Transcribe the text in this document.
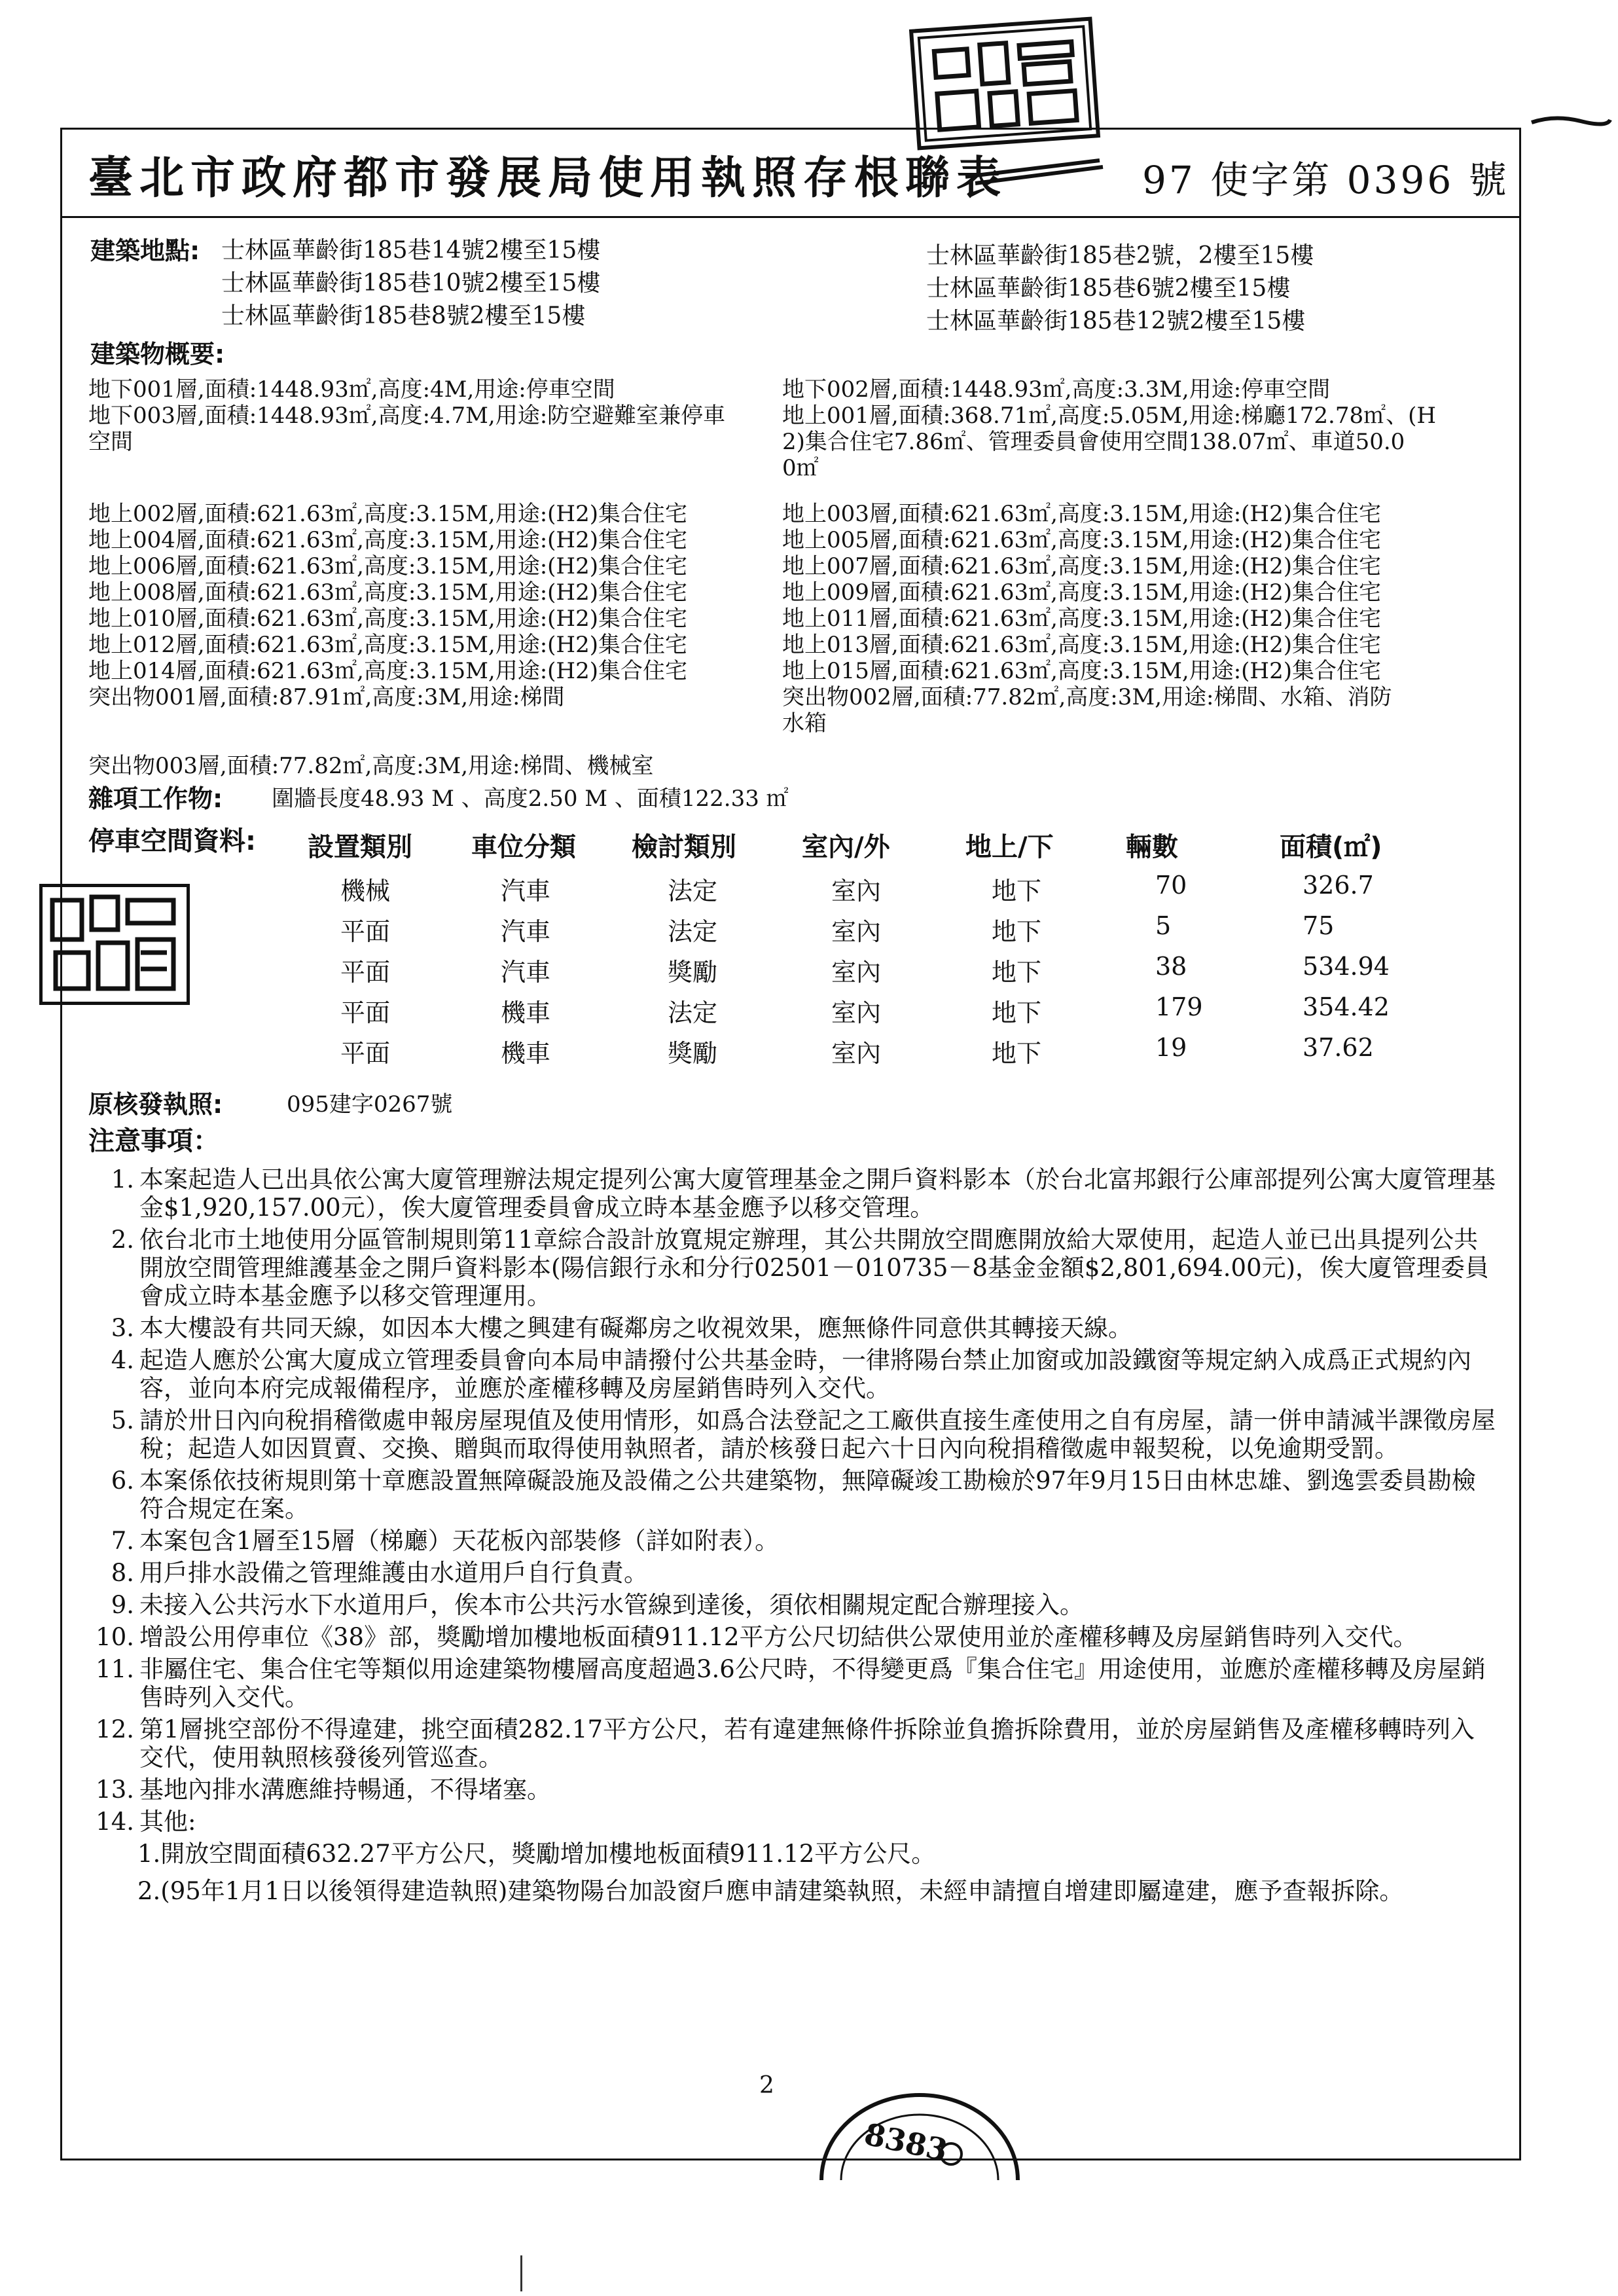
臺北市政府都市發展局使用執照存根聯表	97 使字第 0396 號
建築地點: 士林區華齡街185巷14號2樓至15樓
士林區華齡街185巷10號2樓至15樓
士林區華齡街185巷8號2樓至15樓
士林區華齡街185巷2號，2樓至15樓
士林區華齡街185巷6號2樓至15樓
士林區華齡街185巷12號2樓至15樓
建築物概要:
地下001層,面積:1448.93㎡,高度:4M,用途:停車空間
地下003層,面積:1448.93㎡,高度:4.7M,用途:防空避難室兼停車
空間
地上002層,面積:621.63㎡,高度:3.15M,用途:(H2)集合住宅
地上004層,面積:621.63㎡,高度:3.15M,用途:(H2)集合住宅
地上006層,面積:621.63㎡,高度:3.15M,用途:(H2)集合住宅
地上008層,面積:621.63㎡,高度:3.15M,用途:(H2)集合住宅
地上010層,面積:621.63㎡,高度:3.15M,用途:(H2)集合住宅
地上012層,面積:621.63㎡,高度:3.15M,用途:(H2)集合住宅
地上014層,面積:621.63㎡,高度:3.15M,用途:(H2)集合住宅
突出物001層,面積:87.91㎡,高度:3M,用途:梯間
地下002層,面積:1448.93㎡,高度:3.3M,用途:停車空間
地上001層,面積:368.71㎡,高度:5.05M,用途:梯廳172.78㎡、(H
2)集合住宅7.86㎡、管理委員會使用空間138.07㎡、車道50.0
0㎡
地上003層,面積:621.63㎡,高度:3.15M,用途:(H2)集合住宅
地上005層,面積:621.63㎡,高度:3.15M,用途:(H2)集合住宅
地上007層,面積:621.63㎡,高度:3.15M,用途:(H2)集合住宅
地上009層,面積:621.63㎡,高度:3.15M,用途:(H2)集合住宅
地上011層,面積:621.63㎡,高度:3.15M,用途:(H2)集合住宅
地上013層,面積:621.63㎡,高度:3.15M,用途:(H2)集合住宅
地上015層,面積:621.63㎡,高度:3.15M,用途:(H2)集合住宅
突出物002層,面積:77.82㎡,高度:3M,用途:梯間、水箱、消防
水箱
突出物003層,面積:77.82㎡,高度:3M,用途:梯間、機械室
雜項工作物: 圍牆長度48.93 M 、高度2.50 M 、面積122.33 ㎡
停車空間資料: 設置類別 車位分類 檢討類別	室內/外	地上/下	輛數	面積(㎡)
機械	汽車	法定	室內	地下	70	326.7
平面	汽車	法定	室內	地下	5	75
平面	汽車	獎勵	室內	地下	38	534.94
平面	機車	法定	室內	地下	179	354.42
平面	機車	獎勵	室內	地下	19	37.62
原核發執照:	095建字0267號
注意事項：
1. 本案起造人已出具依公寓大廈管理辦法規定提列公寓大廈管理基金之開戶資料影本（於台北富邦銀行公庫部提列公寓大廈管理基金$1,920,157.00元），俟大廈管理委員會成立時本基金應予以移交管理。
2. 依台北市土地使用分區管制規則第11章綜合設計放寬規定辦理，其公共開放空間應開放給大眾使用，起造人並已出具提列公共開放空間管理維護基金之開戶資料影本(陽信銀行永和分行02501－010735－8基金金額$2,801,694.00元)，俟大廈管理委員會成立時本基金應予以移交管理運用。
3. 本大樓設有共同天線，如因本大樓之興建有礙鄰房之收視效果，應無條件同意供其轉接天線。
4. 起造人應於公寓大廈成立管理委員會向本局申請撥付公共基金時，一律將陽台禁止加窗或加設鐵窗等規定納入成爲正式規約內容，並向本府完成報備程序，並應於產權移轉及房屋銷售時列入交代。
5. 請於卅日內向稅捐稽徵處申報房屋現值及使用情形，如爲合法登記之工廠供直接生產使用之自有房屋，請一併申請減半課徵房屋稅；起造人如因買賣、交換、贈與而取得使用執照者，請於核發日起六十日內向稅捐稽徵處申報契稅，以免逾期受罰。
6. 本案係依技術規則第十章應設置無障礙設施及設備之公共建築物，無障礙竣工勘檢於97年9月15日由林忠雄、劉逸雲委員勘檢符合規定在案。
7. 本案包含1層至15層（梯廳）天花板內部裝修（詳如附表）。
8. 用戶排水設備之管理維護由水道用戶自行負責。
9. 未接入公共污水下水道用戶，俟本市公共污水管線到達後，須依相關規定配合辦理接入。
10. 增設公用停車位《38》部，獎勵增加樓地板面積911.12平方公尺切結供公眾使用並於產權移轉及房屋銷售時列入交代。
11. 非屬住宅、集合住宅等類似用途建築物樓層高度超過3.6公尺時，不得變更爲『集合住宅』用途使用，並應於產權移轉及房屋銷售時列入交代。
12. 第1層挑空部份不得違建，挑空面積282.17平方公尺，若有違建無條件拆除並負擔拆除費用，並於房屋銷售及產權移轉時列入交代，使用執照核發後列管巡查。
13. 基地內排水溝應維持暢通，不得堵塞。
14. 其他:
1.開放空間面積632.27平方公尺，獎勵增加樓地板面積911.12平方公尺。
2.(95年1月1日以後領得建造執照)建築物陽台加設窗戶應申請建築執照，未經申請擅自增建即屬違建，應予查報拆除。
8383
2
